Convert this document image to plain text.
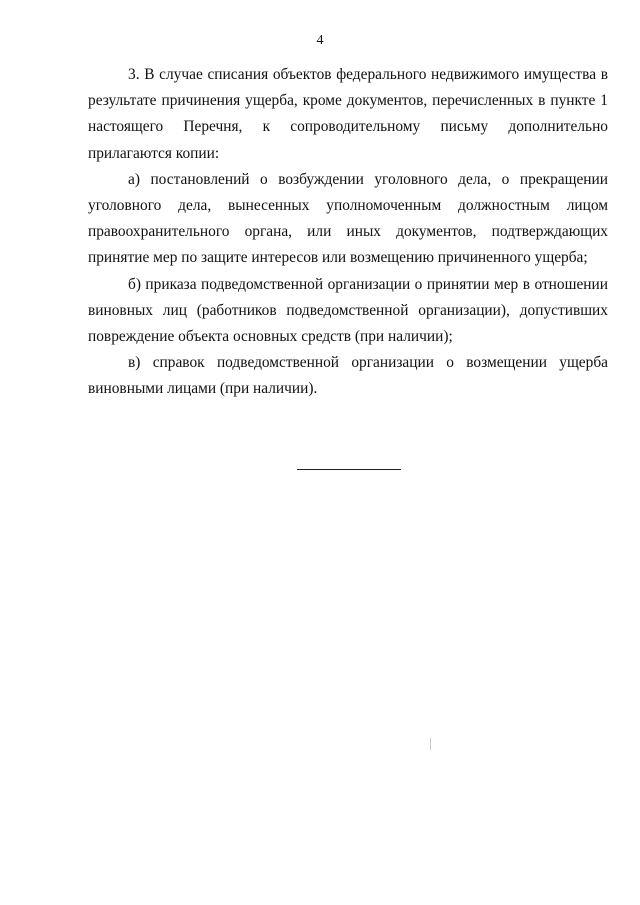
4

3. В случае списания объектов федерального недвижимого имущества в результате причинения ущерба, кроме документов, перечисленных в пункте 1 настоящего Перечня, к сопроводительному письму дополнительно прилагаются копии:

а) постановлений о возбуждении уголовного дела, о прекращении уголовного дела, вынесенных уполномоченным должностным лицом правоохранительного органа, или иных документов, подтверждающих принятие мер по защите интересов или возмещению причиненного ущерба;

б) приказа подведомственной организации о принятии мер в отношении виновных лиц (работников подведомственной организации), допустивших повреждение объекта основных средств (при наличии);

в) справок подведомственной организации о возмещении ущерба виновными лицами (при наличии).
